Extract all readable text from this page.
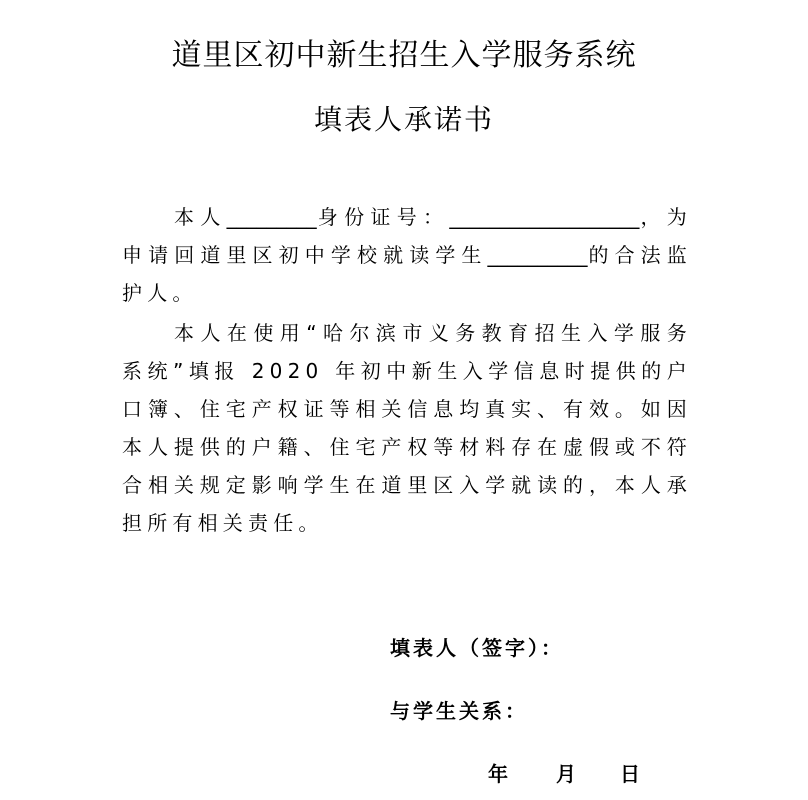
道里区初中新生招生入学服务系统
填表人承诺书

本人_________身份证号：___________________，为申请回道里区初中学校就读学生__________的合法监护人。

本人在使用“哈尔滨市义务教育招生入学服务系统”填报 2020 年初中新生入学信息时提供的户口簿、住宅产权证等相关信息均真实、有效。如因本人提供的户籍、住宅产权等材料存在虚假或不符合相关规定影响学生在道里区入学就读的，本人承担所有相关责任。

填表人（签字）：
与学生关系：
年 月 日
